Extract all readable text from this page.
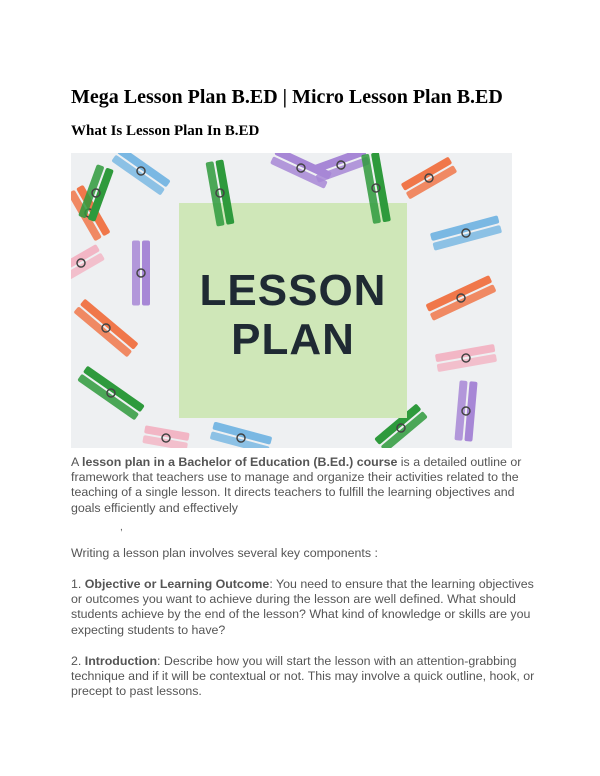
Mega Lesson Plan B.ED | Micro Lesson Plan B.ED
What Is Lesson Plan In B.ED
LESSON
PLAN

A lesson plan in a Bachelor of Education (B.Ed.) course is a detailed outline or framework that teachers use to manage and organize their activities related to the teaching of a single lesson. It directs teachers to fulfill the learning objectives and goals efficiently and effectively

,

Writing a lesson plan involves several key components :

1. Objective or Learning Outcome: You need to ensure that the learning objectives or outcomes you want to achieve during the lesson are well defined. What should students achieve by the end of the lesson? What kind of knowledge or skills are you expecting students to have?

2. Introduction: Describe how you will start the lesson with an attention-grabbing technique and if it will be contextual or not. This may involve a quick outline, hook, or precept to past lessons.
